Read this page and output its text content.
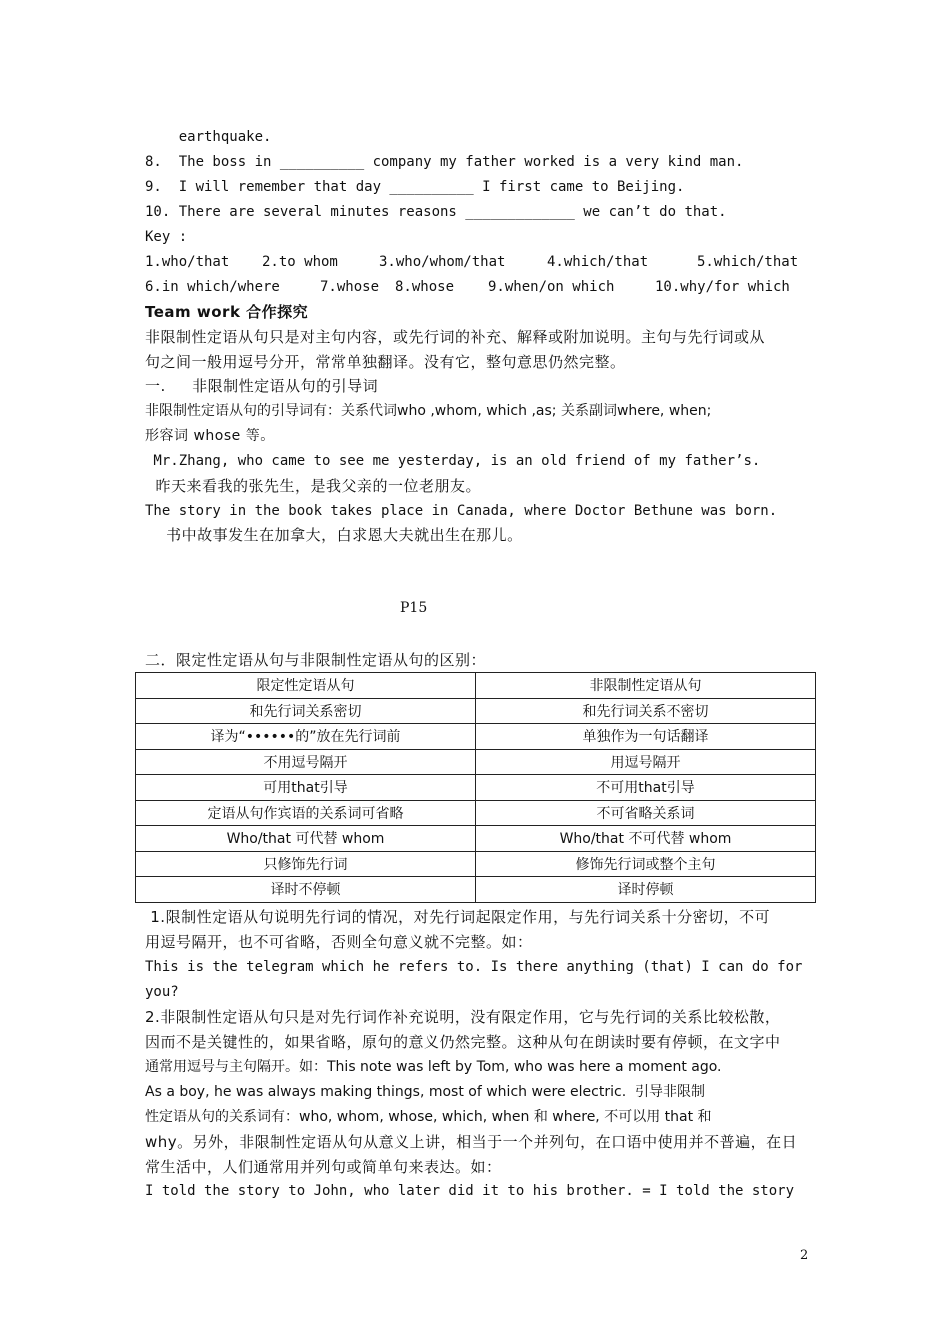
earthquake.
8.  The boss in __________ company my father worked is a very kind man.
9.  I will remember that day __________ I first came to Beijing.
10. There are several minutes reasons _____________ we can’t do that.
Key :
1.who/that	2.to whom	3.who/whom/that	4.which/that	5.which/that
6.in which/where	7.whose	8.whose	9.when/on which	10.why/for which
Team work 合作探究
非限制性定语从句只是对主句内容，或先行词的补充、解释或附加说明。主句与先行词或从
句之间一般用逗号分开，常常单独翻译。没有它，整句意思仍然完整。
一.     非限制性定语从句的引导词
非限制性定语从句的引导词有：关系代词who ,whom, which ,as; 关系副词where, when;
形容词 whose 等。
Mr.Zhang, who came to see me yesterday, is an old friend of my father’s.
昨天来看我的张先生，是我父亲的一位老朋友。
The story in the book takes place in Canada, where Doctor Bethune was born.
书中故事发生在加拿大，白求恩大夫就出生在那儿。
P15
二．限定性定语从句与非限制性定语从句的区别：
限定性定语从句	非限制性定语从句
和先行词关系密切	和先行词关系不密切
译为“••••••的”放在先行词前	单独作为一句话翻译
不用逗号隔开	用逗号隔开
可用that引导	不可用that引导
定语从句作宾语的关系词可省略	不可省略关系词
Who/that 可代替 whom	Who/that 不可代替 whom
只修饰先行词	修饰先行词或整个主句
译时不停顿	译时停顿
1.限制性定语从句说明先行词的情况，对先行词起限定作用，与先行词关系十分密切，不可
用逗号隔开，也不可省略，否则全句意义就不完整。如：
This is the telegram which he refers to. Is there anything (that) I can do for
you?
2.非限制性定语从句只是对先行词作补充说明，没有限定作用，它与先行词的关系比较松散，
因而不是关键性的，如果省略，原句的意义仍然完整。这种从句在朗读时要有停顿，在文字中
通常用逗号与主句隔开。如：This note was left by Tom, who was here a moment ago.
As a boy, he was always making things, most of which were electric.  引导非限制
性定语从句的关系词有：who, whom, whose, which, when 和 where, 不可以用 that 和
why。另外，非限制性定语从句从意义上讲，相当于一个并列句，在口语中使用并不普遍，在日
常生活中，人们通常用并列句或简单句来表达。如：
I told the story to John, who later did it to his brother. = I told the story
2
